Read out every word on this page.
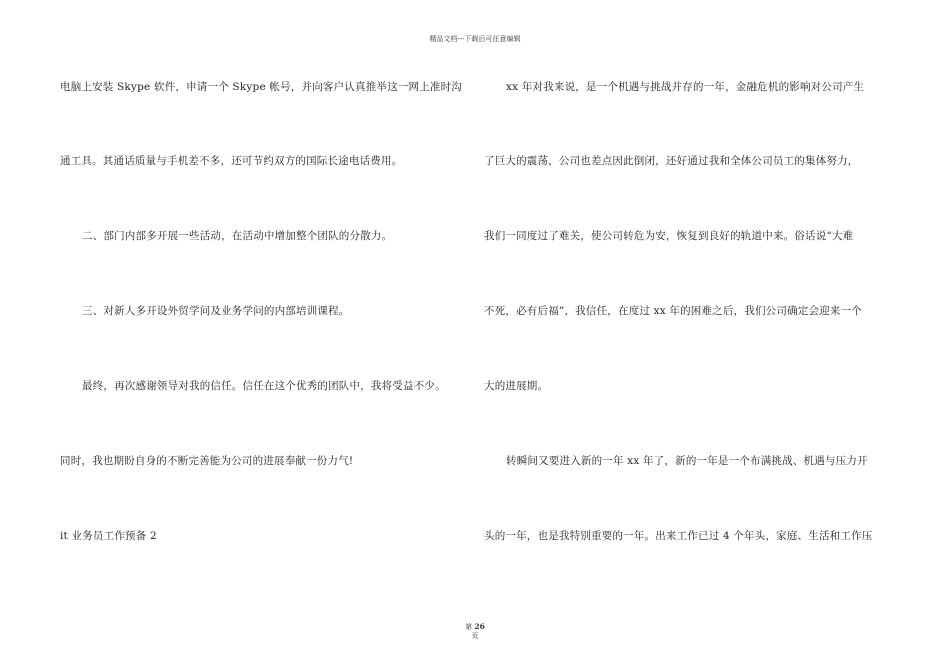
精品文档---下载后可任意编辑
电脑上安装 Skype 软件，申请一个 Skype 帐号，并向客户认真推举这一网上准时沟
通工具。其通话质量与手机差不多，还可节约双方的国际长途电话费用。
二、部门内部多开展一些活动，在活动中增加整个团队的分散力。
三、对新人多开设外贸学问及业务学问的内部培训课程。
最终，再次感谢领导对我的信任。信任在这个优秀的团队中，我将受益不少。
同时，我也期盼自身的不断完善能为公司的进展奉献一份力气!
it 业务员工作预备 2
xx 年对我来说，是一个机遇与挑战并存的一年，金融危机的影响对公司产生
了巨大的震荡，公司也差点因此倒闭，还好通过我和全体公司员工的集体努力，
我们一同度过了难关，使公司转危为安，恢复到良好的轨道中来。俗话说“大难
不死，必有后福”，我信任，在度过 xx 年的困难之后，我们公司确定会迎来一个
大的进展期。
转瞬间又要进入新的一年 xx 年了，新的一年是一个布满挑战、机遇与压力开
头的一年，也是我特别重要的一年。出来工作已过 4 个年头，家庭、生活和工作压
第 26
页
